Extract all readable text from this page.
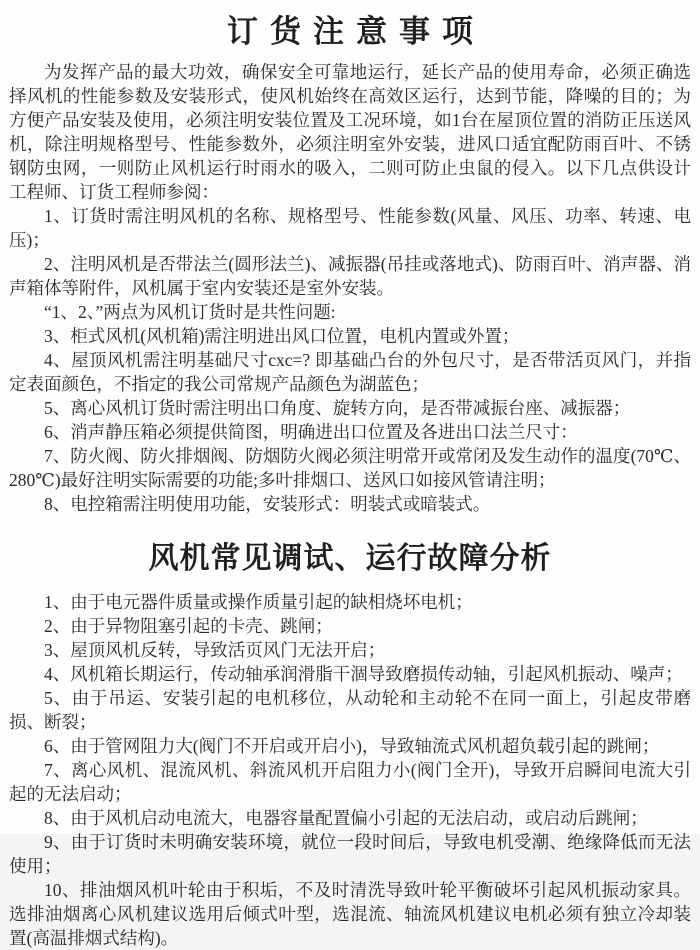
订货注意事项

为发挥产品的最大功效，确保安全可靠地运行，延长产品的使用寿命，必须正确选择风机的性能参数及安装形式，使风机始终在高效区运行，达到节能，降噪的目的；为方便产品安装及使用，必须注明安装位置及工况环境，如1台在屋顶位置的消防正压送风机，除注明规格型号、性能参数外，必须注明室外安装，进风口适宜配防雨百叶、不锈钢防虫网，一则防止风机运行时雨水的吸入，二则可防止虫鼠的侵入。以下几点供设计工程师、订货工程师参阅：

1、订货时需注明风机的名称、规格型号、性能参数(风量、风压、功率、转速、电压)；

2、注明风机是否带法兰(圆形法兰)、减振器(吊挂或落地式)、防雨百叶、消声器、消声箱体等附件，风机属于室内安装还是室外安装。

“1、2、”两点为风机订货时是共性问题:

3、柜式风机(风机箱)需注明进出风口位置，电机内置或外置；

4、屋顶风机需注明基础尺寸cxc=? 即基础凸台的外包尺寸，是否带活页风门，并指定表面颜色，不指定的我公司常规产品颜色为湖蓝色；

5、离心风机订货时需注明出口角度、旋转方向，是否带减振台座、减振器；

6、消声静压箱必须提供简图，明确进出口位置及各进出口法兰尺寸：

7、防火阀、防火排烟阀、防烟防火阀必须注明常开或常闭及发生动作的温度(70℃、280℃)最好注明实际需要的功能;多叶排烟口、送风口如接风管请注明；

8、电控箱需注明使用功能，安装形式：明装式或暗装式。

风机常见调试、运行故障分析

1、由于电元器件质量或操作质量引起的缺相烧坏电机；

2、由于异物阻塞引起的卡壳、跳闸；

3、屋顶风机反转，导致活页风门无法开启；

4、风机箱长期运行，传动轴承润滑脂干涸导致磨损传动轴，引起风机振动、噪声；

5、由于吊运、安装引起的电机移位，从动轮和主动轮不在同一面上，引起皮带磨损、断裂；

6、由于管网阻力大(阀门不开启或开启小)，导致轴流式风机超负载引起的跳闸；

7、离心风机、混流风机、斜流风机开启阻力小(阀门全开)，导致开启瞬间电流大引起的无法启动；

8、由于风机启动电流大，电器容量配置偏小引起的无法启动，或启动后跳闸；

9、由于订货时未明确安装环境，就位一段时间后，导致电机受潮、绝缘降低而无法使用；

10、排油烟风机叶轮由于积垢，不及时清洗导致叶轮平衡破坏引起风机振动家具。选排油烟离心风机建议选用后倾式叶型，选混流、轴流风机建议电机必须有独立冷却装置(高温排烟式结构)。
